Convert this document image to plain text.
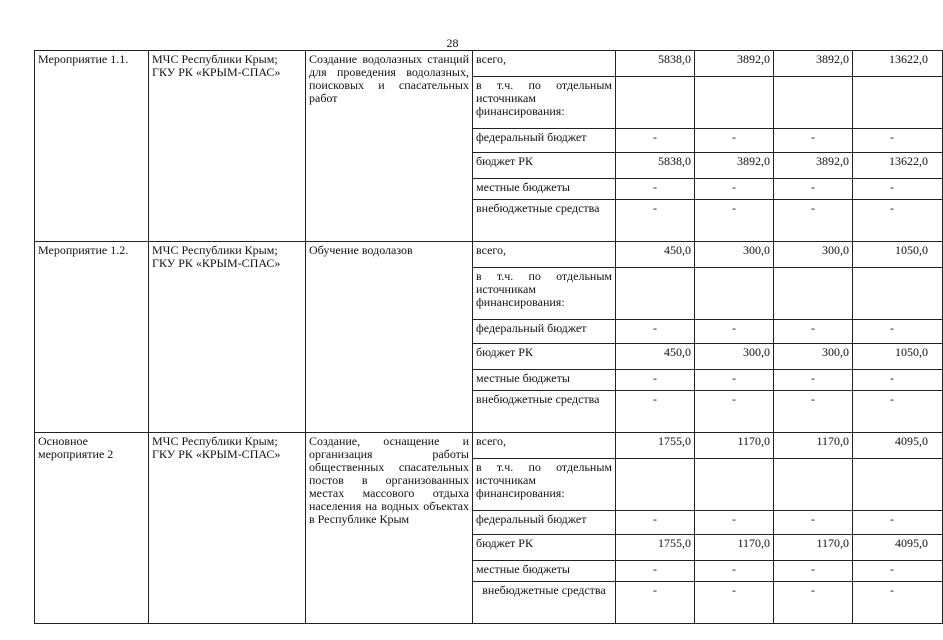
28
Мероприятие 1.1.	МЧС Республики Крым; ГКУ РК «КРЫМ-СПАС»	Создание водолазных станций для проведения водолазных, поисковых и спасательных работ	всего,	5838,0	3892,0	3892,0	13622,0
			в т.ч. по отдельным источникам финансирования:				
			федеральный бюджет	-	-	-	-
			бюджет РК	5838,0	3892,0	3892,0	13622,0
			местные бюджеты	-	-	-	-
			внебюджетные средства	-	-	-	-
Мероприятие 1.2.	МЧС Республики Крым; ГКУ РК «КРЫМ-СПАС»	Обучение водолазов	всего,	450,0	300,0	300,0	1050,0
			в т.ч. по отдельным источникам финансирования:				
			федеральный бюджет	-	-	-	-
			бюджет РК	450,0	300,0	300,0	1050,0
			местные бюджеты	-	-	-	-
			внебюджетные средства	-	-	-	-
Основное мероприятие 2	МЧС Республики Крым; ГКУ РК «КРЫМ-СПАС»	Создание, оснащение и организация работы общественных спасательных постов в организованных местах массового отдыха населения на водных объектах в Республике Крым	всего,	1755,0	1170,0	1170,0	4095,0
			в т.ч. по отдельным источникам финансирования:				
			федеральный бюджет	-	-	-	-
			бюджет РК	1755,0	1170,0	1170,0	4095,0
			местные бюджеты	-	-	-	-
			внебюджетные средства	-	-	-	-
